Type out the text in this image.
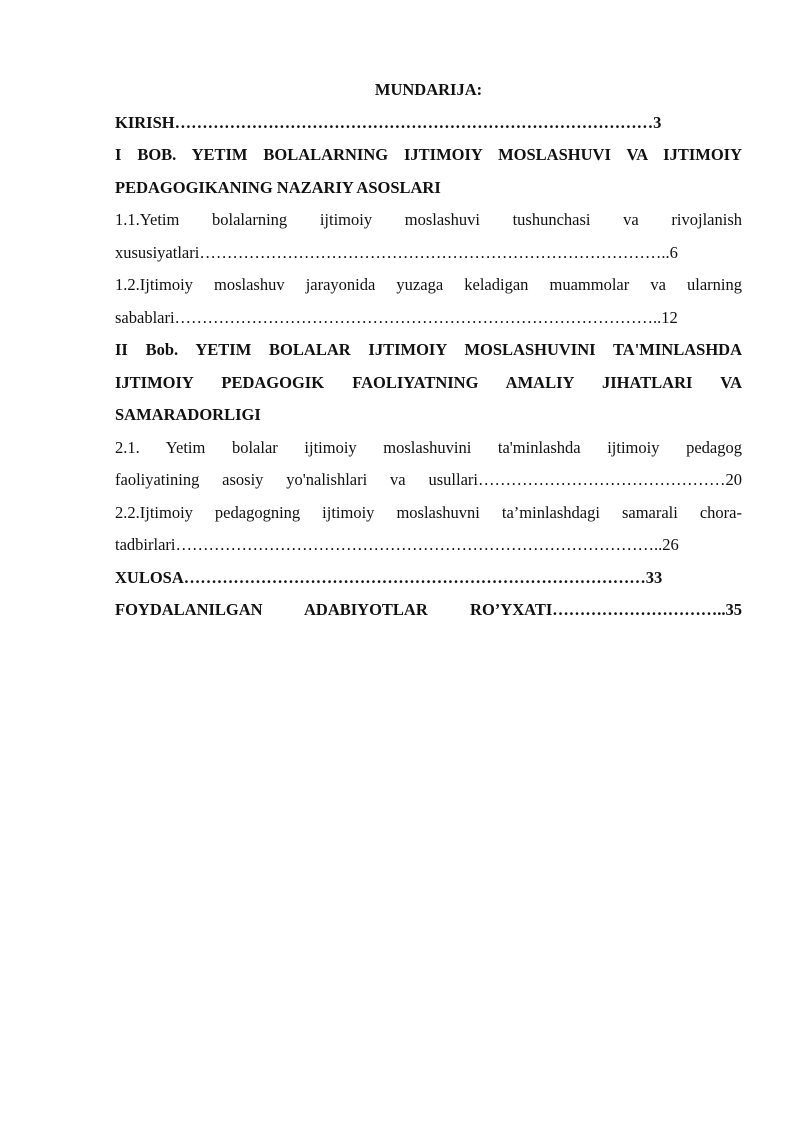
MUNDARIJA:

KIRISH……………………………………………………………………………3

I BOB. YETIM BOLALARNING IJTIMOIY MOSLASHUVI VA IJTIMOIY

PEDAGOGIKANING NAZARIY ASOSLARI

1.1.Yetim bolalarning ijtimoiy moslashuvi tushunchasi va rivojlanish

xususiyatlari…………………………………………………………………………..6

1.2.Ijtimoiy moslashuv jarayonida yuzaga keladigan muammolar va ularning

sabablari……………………………………………………………………………..12

II Bob. YETIM BOLALAR IJTIMOIY MOSLASHUVINI TA'MINLASHDA

IJTIMOIY PEDAGOGIK FAOLIYATNING AMALIY JIHATLARI VA

SAMARADORLIGI

2.1. Yetim bolalar ijtimoiy moslashuvini ta'minlashda ijtimoiy pedagog

faoliyatining asosiy yo'nalishlari va usullari………………………………………20

2.2.Ijtimoiy pedagogning ijtimoiy moslashuvni ta’minlashdagi samarali chora-

tadbirlari……………………………………………………………………………..26

XULOSA…………………………………………………………………………33

FOYDALANILGAN ADABIYOTLAR RO’YXATI…………………………..35
